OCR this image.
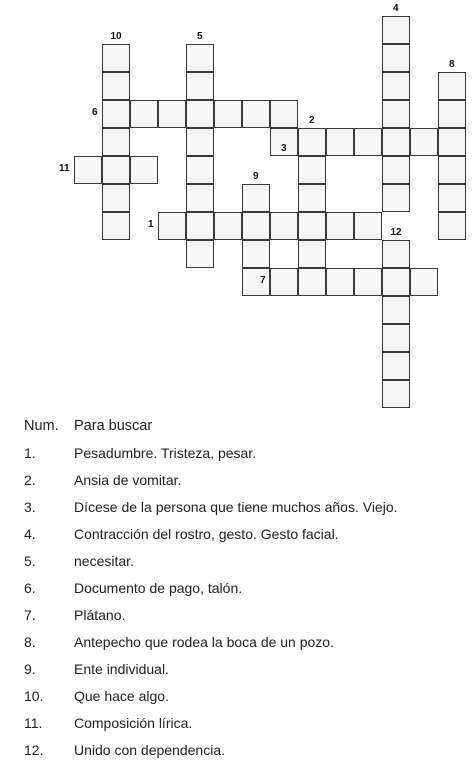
1
2
3
4
5
6
7
8
9
10
11
12
Num.	Para buscar
1.	Pesadumbre. Tristeza, pesar.
2.	Ansia de vomitar.
3.	Dícese de la persona que tiene muchos años. Viejo.
4.	Contracción del rostro, gesto. Gesto facial.
5.	necesitar.
6.	Documento de pago, talón.
7.	Plátano.
8.	Antepecho que rodea la boca de un pozo.
9.	Ente individual.
10.	Que hace algo.
11.	Composición lírica.
12.	Unido con dependencia.
